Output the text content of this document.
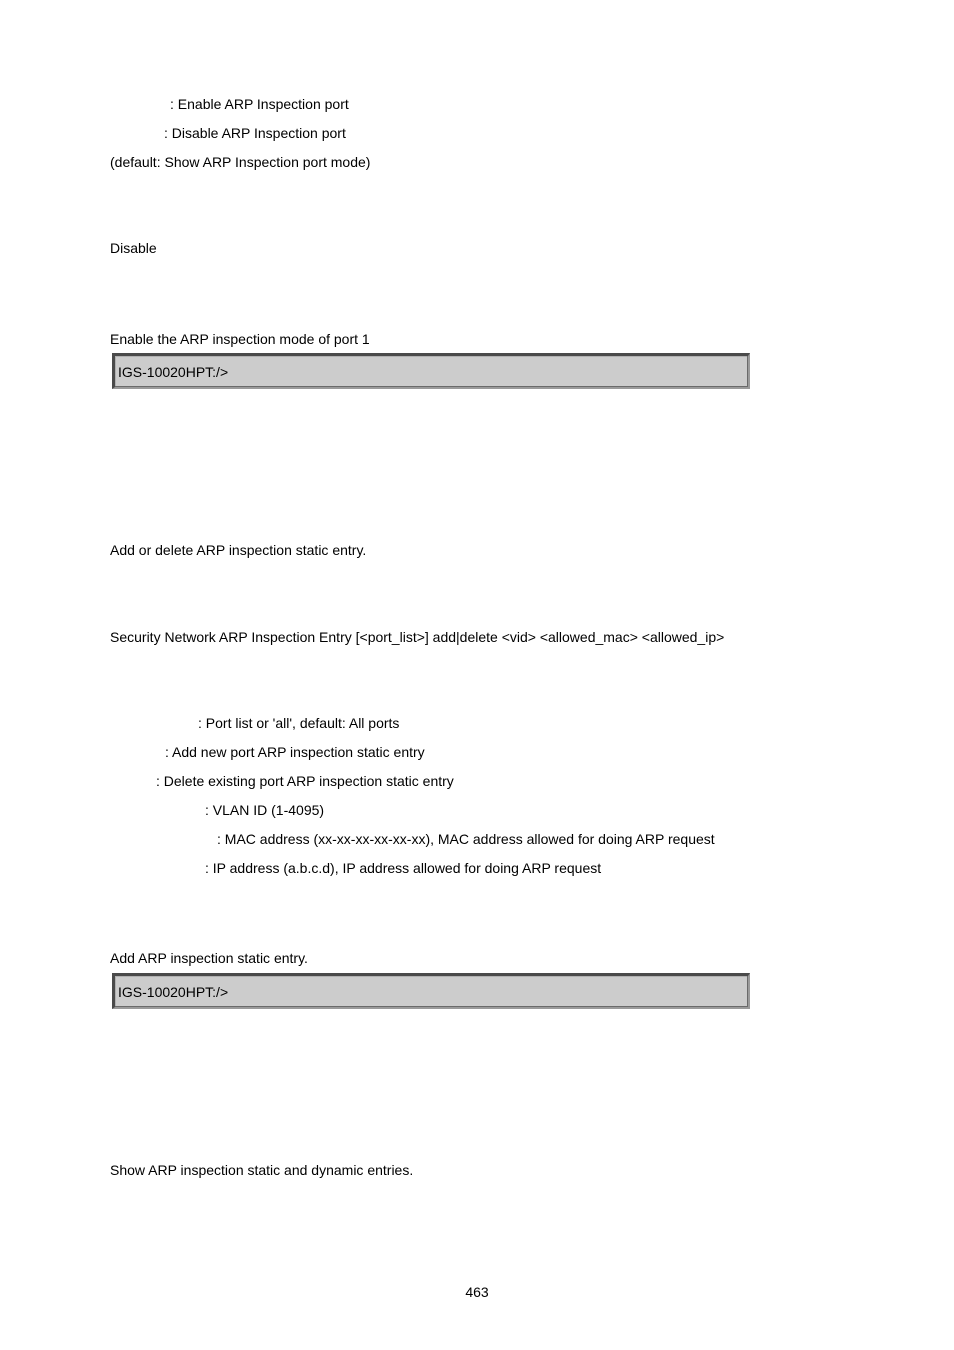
: Enable ARP Inspection port
: Disable ARP Inspection port
(default: Show ARP Inspection port mode)
Disable
Enable the ARP inspection mode of port 1
IGS-10020HPT:/>
Add or delete ARP inspection static entry.
Security Network ARP Inspection Entry [<port_list>] add|delete <vid> <allowed_mac> <allowed_ip>
: Port list or 'all', default: All ports
: Add new port ARP inspection static entry
: Delete existing port ARP inspection static entry
: VLAN ID (1-4095)
: MAC address (xx-xx-xx-xx-xx-xx), MAC address allowed for doing ARP request
: IP address (a.b.c.d), IP address allowed for doing ARP request
Add ARP inspection static entry.
IGS-10020HPT:/>
Show ARP inspection static and dynamic entries.
463
